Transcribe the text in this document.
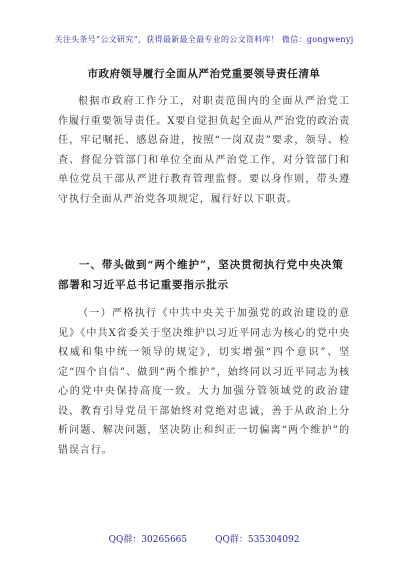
关注头条号“公文研究”，获得最新最全最专业的公文资料库！ 微信：gongwenyj
市政府领导履行全面从严治党重要领导责任清单
根据市政府工作分工，对职责范围内的全面从严治党工作履行重要领导责任。X要自觉担负起全面从严治党的政治责任，牢记嘱托、感恩奋进，按照“一岗双责”要求，领导、检查、督促分管部门和单位全面从严治党工作，对分管部门和单位党员干部从严进行教育管理监督。要以身作则，带头遵守执行全面从严治党各项规定，履行好以下职责。
一、带头做到“两个维护”，坚决贯彻执行党中央决策部署和习近平总书记重要指示批示
（一）严格执行《中共中央关于加强党的政治建设的意见》《中共X省委关于坚决维护以习近平同志为核心的党中央权威和集中统一领导的规定》，切实增强“四个意识”、坚定“四个自信”、做到“两个维护”，始终同以习近平同志为核心的党中央保持高度一致。大力加强分管领域党的政治建设，教育引导党员干部始终对党绝对忠诚，善于从政治上分析问题、解决问题，坚决防止和纠正一切偏离“两个维护”的错误言行。
QQ群：30265665	QQ群：535304092
